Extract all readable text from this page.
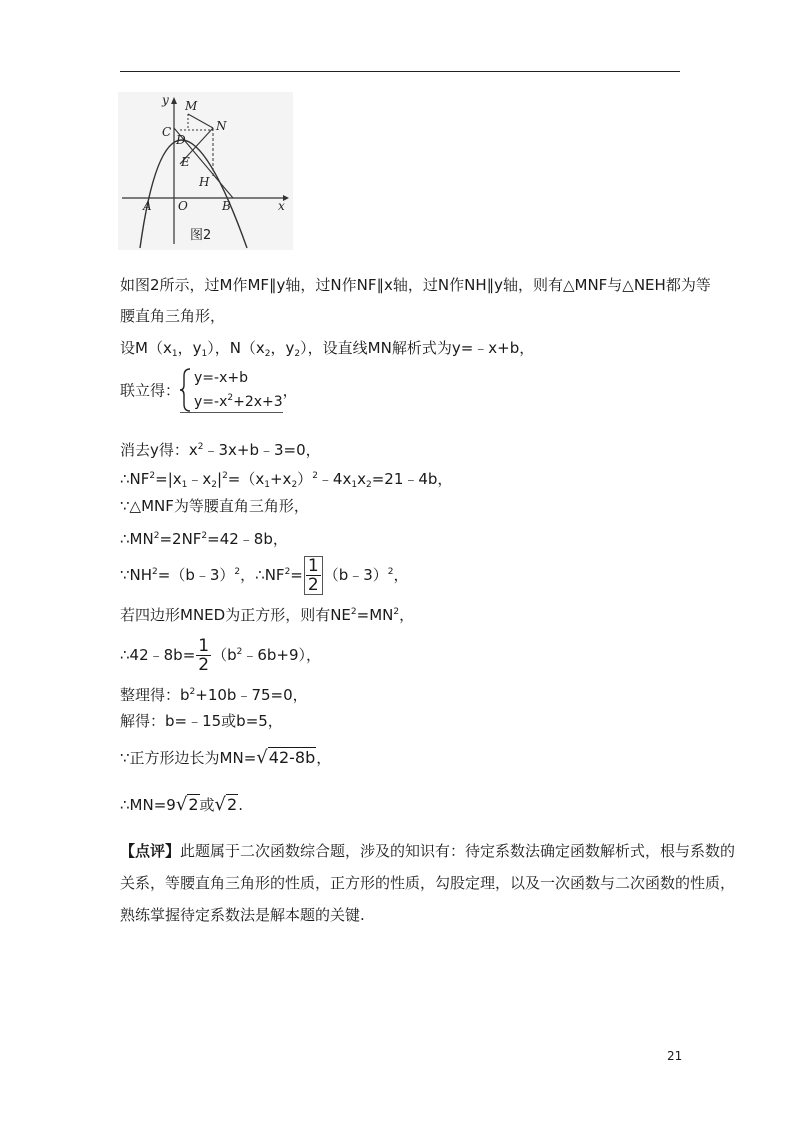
y
x
M
N
C
D
E
H
A O	B
图2
如图2所示，过M作MF∥y轴，过N作NF∥x轴，过N作NH∥y轴，则有△MNF与△NEH都为等
腰直角三角形，
设$M(x_1$，$y_1$），$N(x_2$，$y_2$），设直线MN解析式为y=﹣x+b，
联立得：
y=-x+b
$y=-x^2+2x+3$
，
消去y得：$x^2﹣3x+b﹣3=0$，
$\therefore NF^2=|x_1﹣x_2|^2=(x_1+x_2)^2﹣4x_1x_2=21﹣4b$，
∵△MNF为等腰直角三角形，
$\therefore MN^2=2NF^2=42﹣8b$，
$\because NH^2=(b﹣3)^2$，$\therefore NF^2= \frac{1}{2}$ （b﹣3）$^2$，
若四边形MNED为正方形，则有$NE^2=MN^2$，
∴42﹣8b= $\frac{1}{2}$ $(b^2﹣6b+9)$，
整理得：$b^2+10b﹣75=0$，
解得：b=﹣15或b=5，
∵正方形边长为MN=√42-8b，
∴MN=9√2或√2.
【点评】此题属于二次函数综合题，涉及的知识有：待定系数法确定函数解析式，根与系数的
关系，等腰直角三角形的性质，正方形的性质，勾股定理，以及一次函数与二次函数的性质，
熟练掌握待定系数法是解本题的关键.
21
